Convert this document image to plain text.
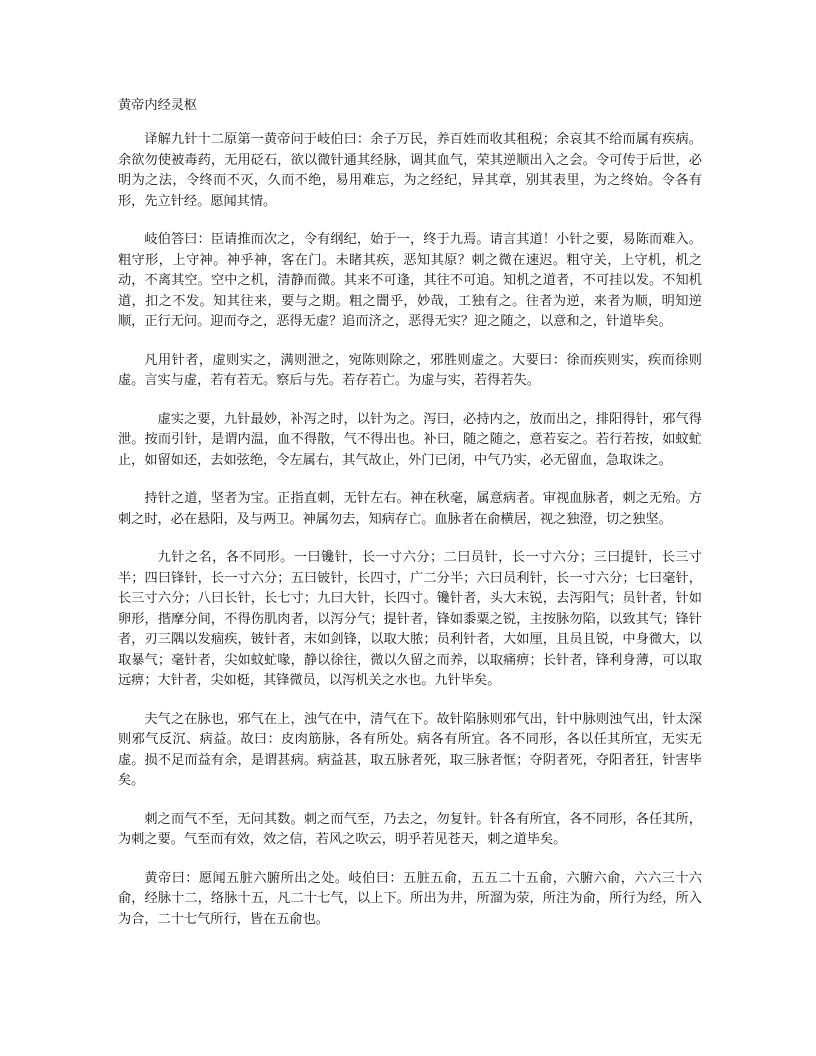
黄帝内经灵枢

译解九针十二原第一黄帝问于岐伯曰：余子万民，养百姓而收其租税；余哀其不给而属有疾病。余欲勿使被毒药，无用砭石，欲以微针通其经脉，调其血气，荣其逆顺出入之会。令可传于后世，必明为之法，令终而不灭，久而不绝，易用难忘，为之经纪，异其章，别其表里，为之终始。令各有形，先立针经。愿闻其情。

岐伯答曰：臣请推而次之，令有纲纪，始于一，终于九焉。请言其道！小针之要，易陈而难入。粗守形，上守神。神乎神，客在门。未睹其疾，恶知其原？刺之微在速迟。粗守关，上守机，机之动，不离其空。空中之机，清静而微。其来不可逢，其往不可追。知机之道者，不可挂以发。不知机道，扣之不发。知其往来，要与之期。粗之闇乎，妙哉，工独有之。往者为逆，来者为顺，明知逆顺，正行无问。迎而夺之，恶得无虚？追而济之，恶得无实？迎之随之，以意和之，针道毕矣。

凡用针者，虚则实之，满则泄之，宛陈则除之，邪胜则虚之。大要曰：徐而疾则实，疾而徐则虚。言实与虚，若有若无。察后与先。若存若亡。为虚与实，若得若失。

虚实之要，九针最妙，补泻之时，以针为之。泻曰，必持内之，放而出之，排阳得针，邪气得泄。按而引针，是谓内温，血不得散，气不得出也。补曰，随之随之，意若妄之。若行若按，如蚊虻止，如留如还，去如弦绝，令左属右，其气故止，外门已闭，中气乃实，必无留血，急取诛之。

持针之道，坚者为宝。正指直刺，无针左右。神在秋毫，属意病者。审视血脉者，刺之无殆。方刺之时，必在悬阳，及与两卫。神属勿去，知病存亡。血脉者在俞横居，视之独澄，切之独坚。

九针之名，各不同形。一曰镵针，长一寸六分；二曰员针，长一寸六分；三曰提针，长三寸半；四曰锋针，长一寸六分；五曰铍针，长四寸，广二分半；六曰员利针，长一寸六分；七曰毫针，长三寸六分；八曰长针，长七寸；九曰大针，长四寸。镵针者，头大末锐，去泻阳气；员针者，针如卵形，揩摩分间，不得伤肌肉者，以泻分气；提针者，锋如黍粟之锐，主按脉勿陷，以致其气；锋针者，刃三隅以发痼疾，铍针者，末如剑锋，以取大脓；员利针者，大如厘，且员且锐，中身微大，以取暴气；毫针者，尖如蚊虻喙，静以徐往，微以久留之而养，以取痛痹；长针者，锋利身薄，可以取远痹；大针者，尖如梃，其锋微员，以泻机关之水也。九针毕矣。

夫气之在脉也，邪气在上，浊气在中，清气在下。故针陷脉则邪气出，针中脉则浊气出，针太深则邪气反沉、病益。故曰：皮肉筋脉，各有所处。病各有所宜。各不同形，各以任其所宜，无实无虚。损不足而益有余，是谓甚病。病益甚，取五脉者死，取三脉者恇；夺阴者死，夺阳者狂，针害毕矣。

刺之而气不至，无问其数。刺之而气至，乃去之，勿复针。针各有所宜，各不同形，各任其所，为刺之要。气至而有效，效之信，若风之吹云，明乎若见苍天，刺之道毕矣。

黄帝曰：愿闻五脏六腑所出之处。岐伯曰：五脏五俞，五五二十五俞，六腑六俞，六六三十六俞，经脉十二，络脉十五，凡二十七气，以上下。所出为井，所溜为荥，所注为俞，所行为经，所入为合，二十七气所行，皆在五俞也。
